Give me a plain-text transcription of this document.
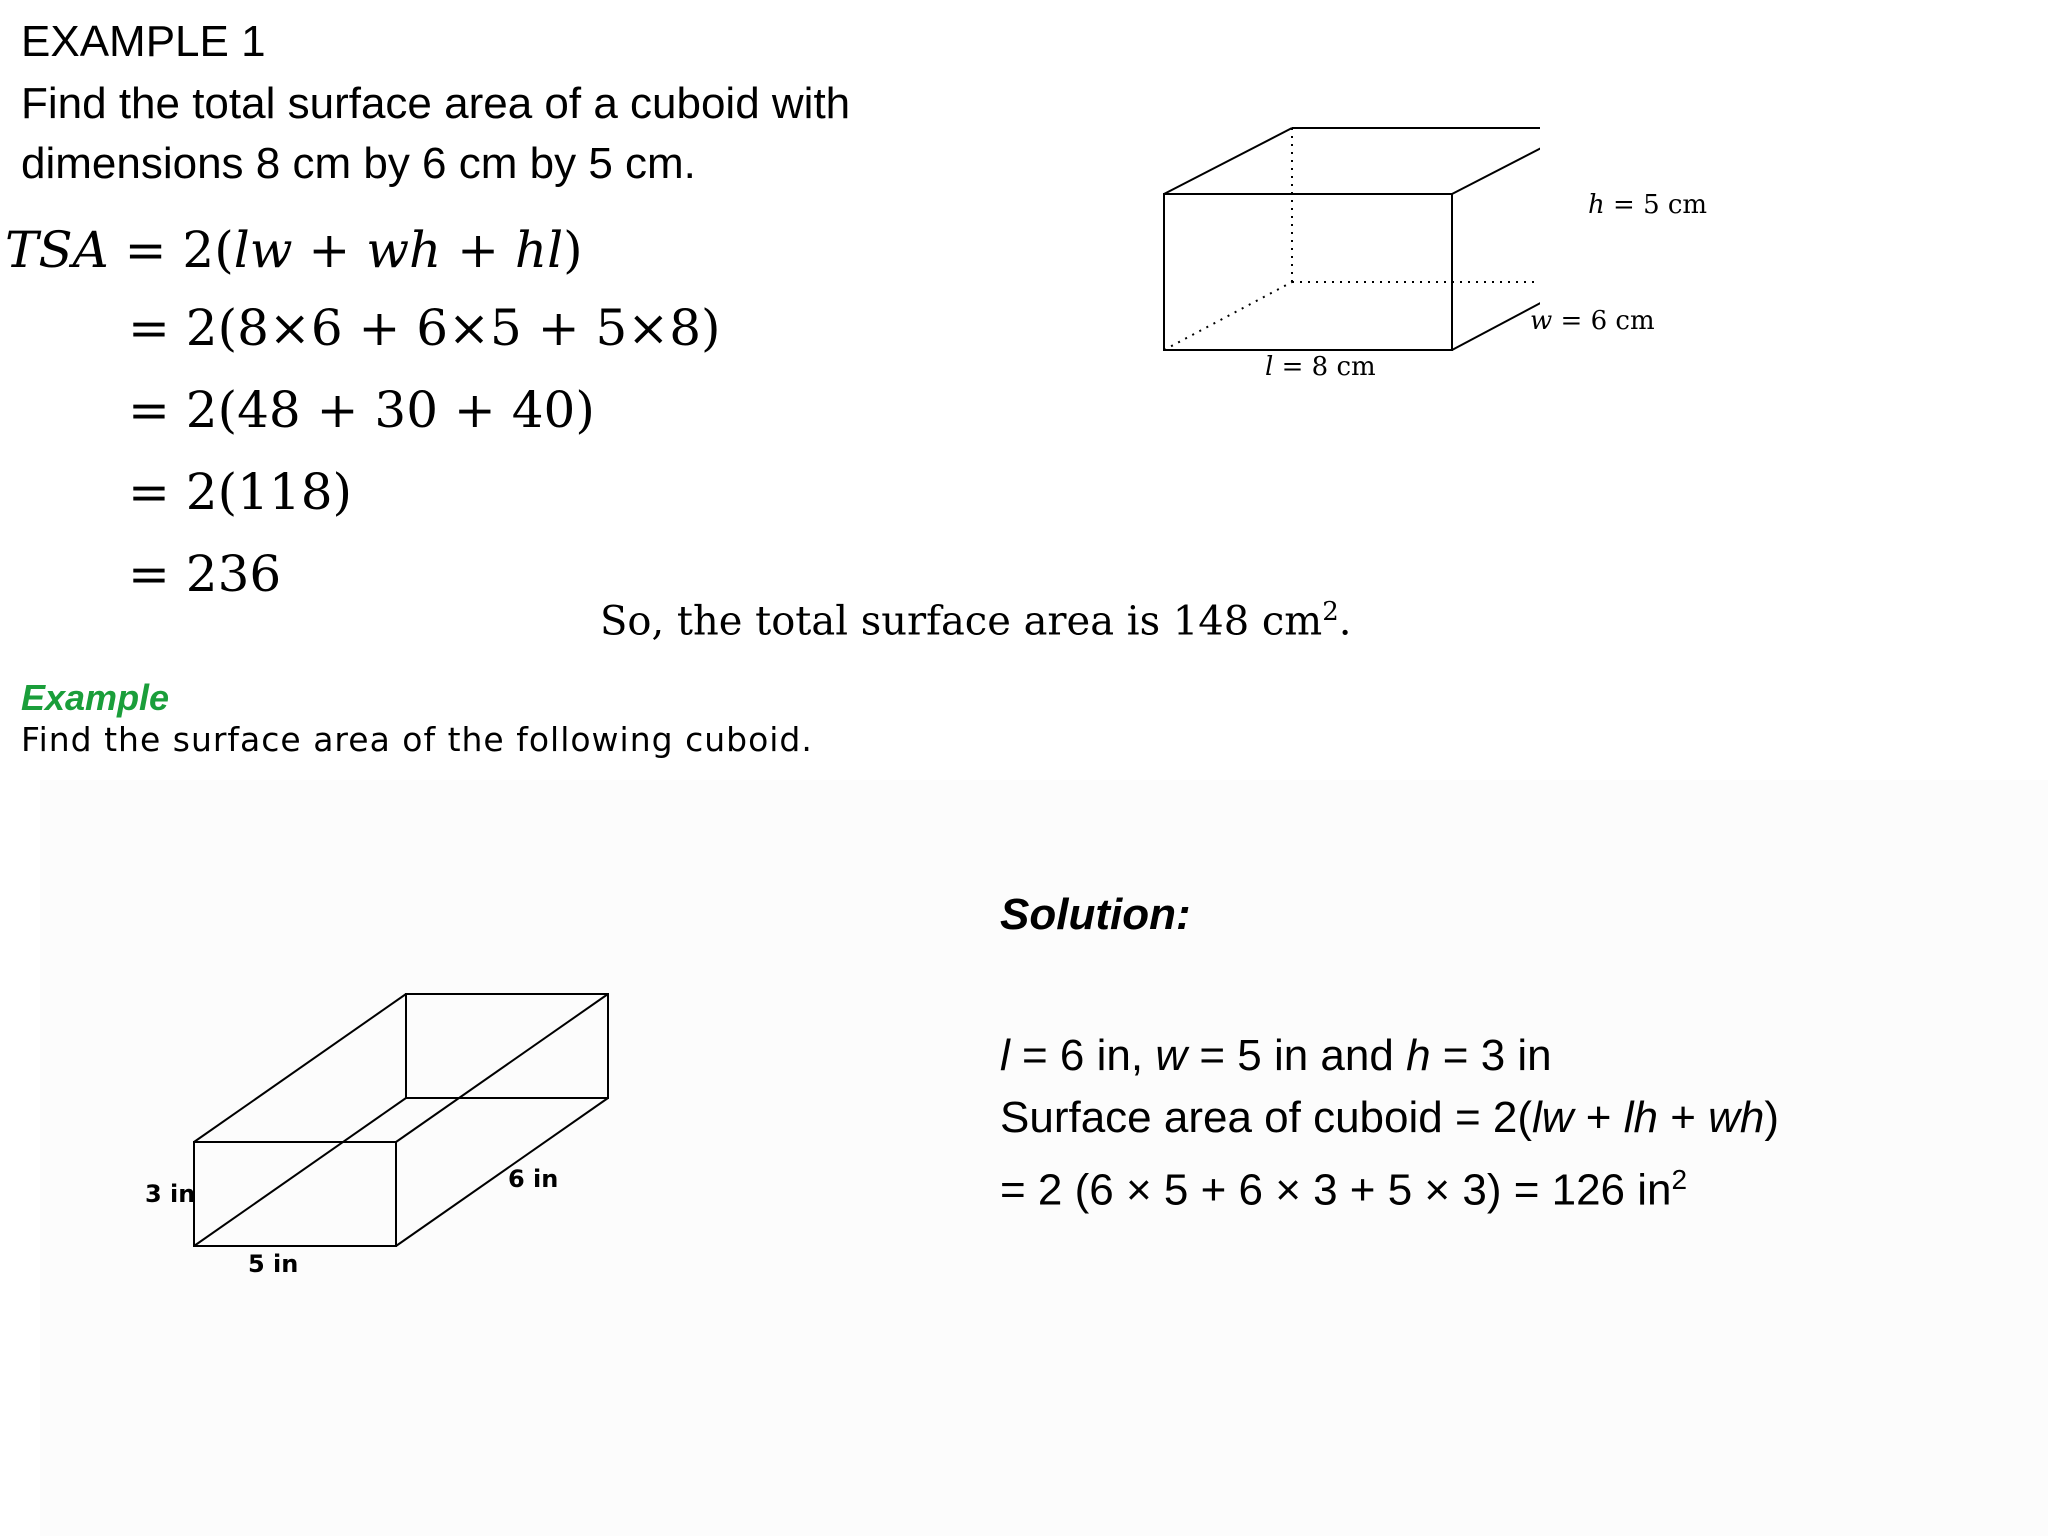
EXAMPLE 1

Find the total surface area of a cuboid with

dimensions 8 cm by 6 cm by 5 cm.

TSA = 2(lw + wh + hl)
= 2(8×6 + 6×5 + 5×8)
= 2(48 + 30 + 40)
= 2(118)
= 236

So, the total surface area is 148 $cm^2$.

h = 5 cm
w = 6 cm
l = 8 cm

Example

Find the surface area of the following cuboid.

3 in
5 in
6 in

Solution:

l = 6 in, w = 5 in and h = 3 in

Surface area of cuboid = 2(lw + lh + wh)

= 2 (6 × 5 + 6 × 3 + 5 × 3) = 126 $in^2$
